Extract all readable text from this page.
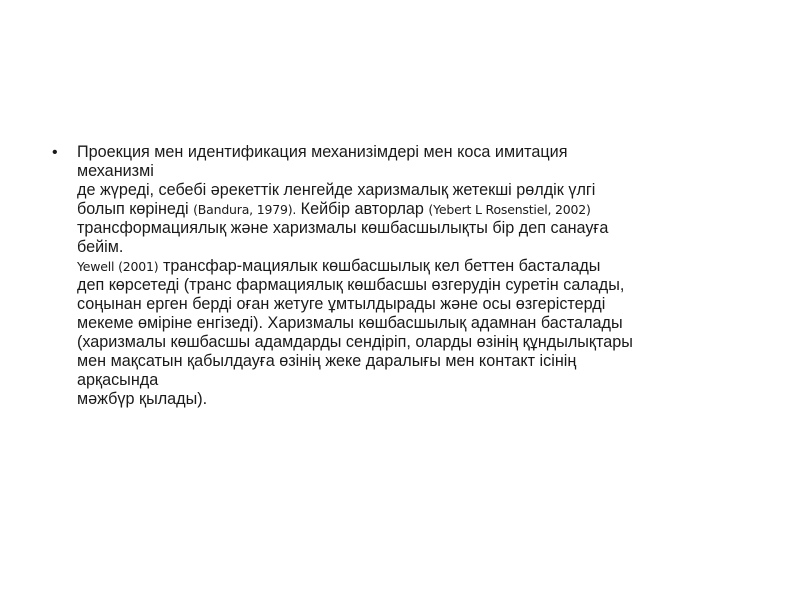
• Проекция мен идентификация механизімдері мен коса имитация
механизмі
де жүреді, себебі әрекеттік ленгейде харизмалық жетекші рөлдік үлгі
болып көрінеді (Bandura, 1979). Кейбір авторлар (Yebert L Rosenstiel, 2002)
трансформациялық және харизмалы көшбасшылықты бір деп санауға
бейім.
Yewell (2001) трансфар-мациялык көшбасшылық кел беттен басталады
деп көрсетеді (транс фармациялық көшбасшы өзгерудін суретін салады,
соңынан ерген берді оған жетуге ұмтылдырады және осы өзгерістерді
мекеме өміріне енгізеді). Харизмалы көшбасшылық адамнан басталады
(харизмалы көшбасшы адамдарды сендіріп, оларды өзінің құндылықтары
мен мақсатын қабылдауға өзінің жеке даралығы мен контакт ісінің
арқасында
мәжбүр қылады).
